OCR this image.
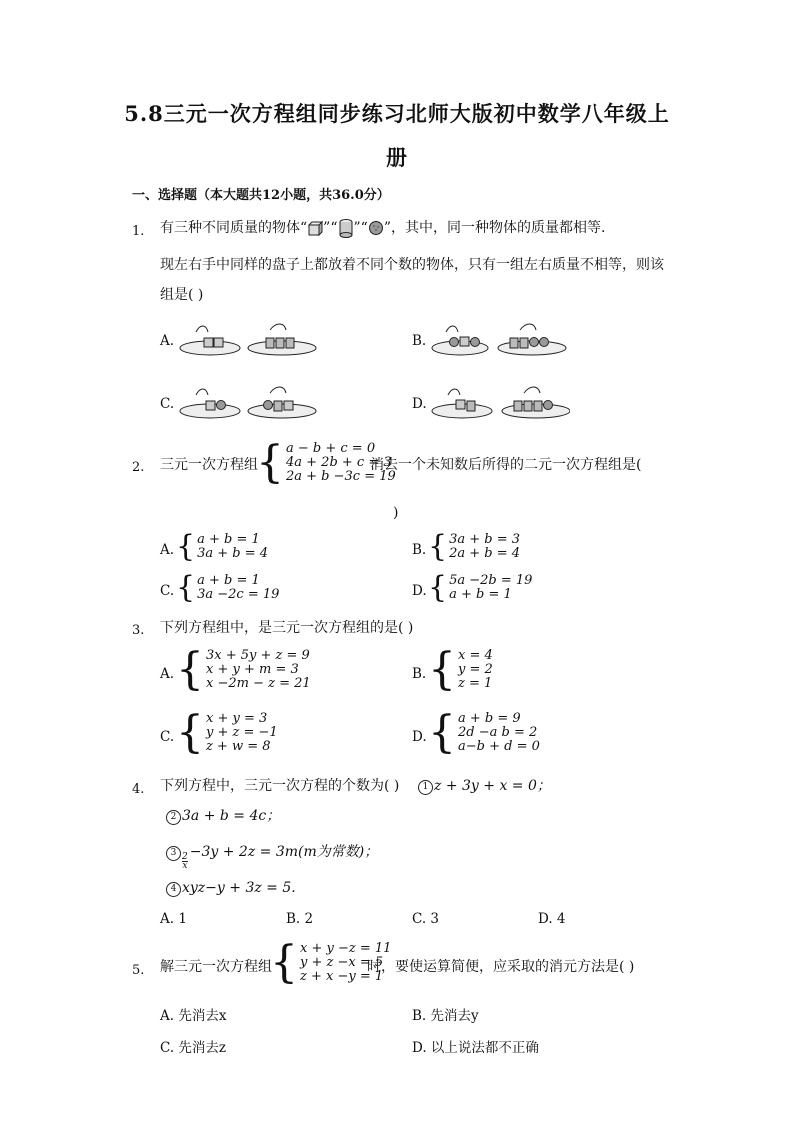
5.8三元一次方程组同步练习北师大版初中数学八年级上
册
一、选择题（本大题共12小题，共36.0分）
1. 有三种不同质量的物体“ ”“ ”“ ”，其中，同一种物体的质量都相等.
现左右手中同样的盘子上都放着不同个数的物体，只有一组左右质量不相等，则该
组是( )
A.	B.
C.	D.
2. 三元一次方程组
{ a − b + c = 0
4a + 2b + c = 3
2a + b −3c = 19
消去一个未知数后所得的二元一次方程组是(
)
A. { a + b = 1
3a + b = 4	B. { 3a + b = 3
2a + b = 4
C. { a + b = 1
3a −2c = 19	D. { 5a −2b = 19
a + b = 1
3. 下列方程组中，是三元一次方程组的是( )
A. { 3x + 5y + z = 9
x + y + m = 3
x −2m − z = 21
B. { x = 4
y = 2
z = 1
C. { x + y = 3
y + z = −1
z + w = 8
D. { a + b = 9
2d −a b = 2
a−b + d = 0
4. 下列方程中，三元一次方程的个数为( )	1 z + 3y + x = 0；
2 3a + b = 4c；
$3 \frac{2}{x}$
−3y + 2z = 3m(m为常数)；
4 xyz−y + 3z = 5.
A. 1	B. 2	C. 3	D. 4
5. 解三元一次方程组
{ x + y −z = 11
y + z −x = 5
z + x −y = 1
时，要使运算简便，应采取的消元方法是( )
A. 先消去x	B. 先消去y
C. 先消去z	D. 以上说法都不正确
